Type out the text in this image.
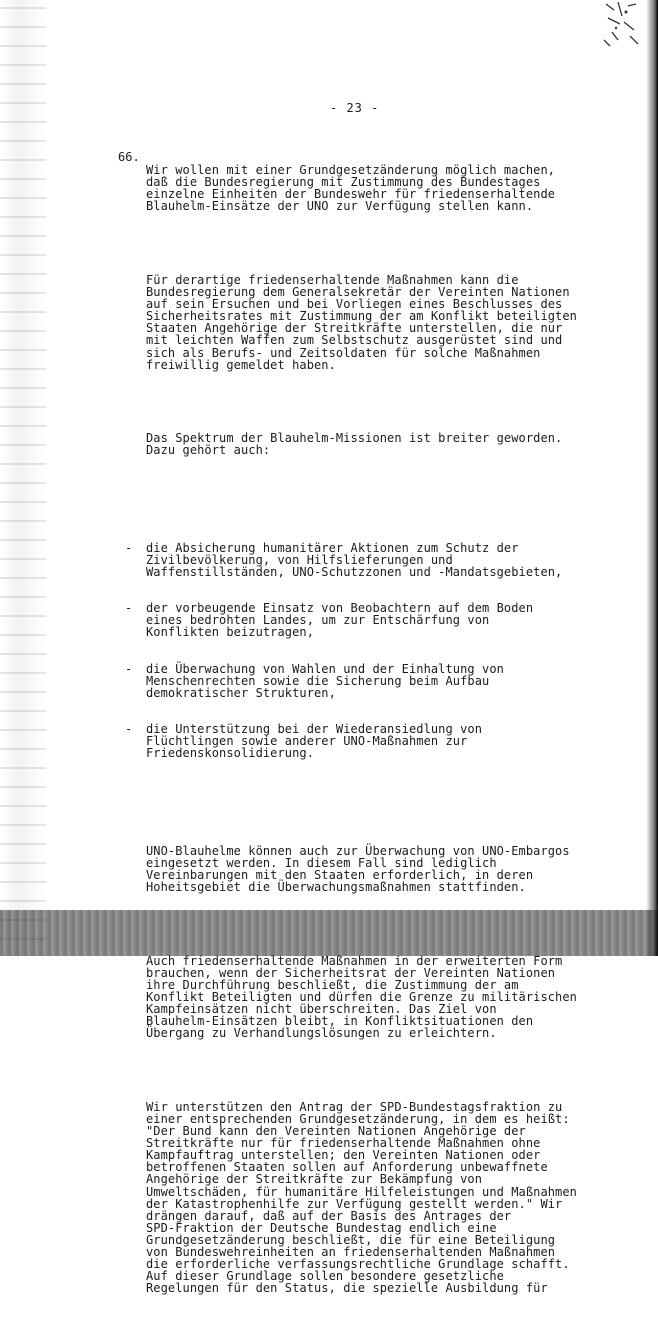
- 23 -
66.

Wir wollen mit einer Grundgesetzänderung möglich machen,
daß die Bundesregierung mit Zustimmung des Bundestages
einzelne Einheiten der Bundeswehr für friedenserhaltende
Blauhelm-Einsätze der UNO zur Verfügung stellen kann.

Für derartige friedenserhaltende Maßnahmen kann die
Bundesregierung dem Generalsekretär der Vereinten Nationen
auf sein Ersuchen und bei Vorliegen eines Beschlusses des
Sicherheitsrates mit Zustimmung der am Konflikt beteiligten
Staaten Angehörige der Streitkräfte unterstellen, die nur
mit leichten Waffen zum Selbstschutz ausgerüstet sind und
sich als Berufs- und Zeitsoldaten für solche Maßnahmen
freiwillig gemeldet haben.

Das Spektrum der Blauhelm-Missionen ist breiter geworden.
Dazu gehört auch:

- die Absicherung humanitärer Aktionen zum Schutz der
Zivilbevölkerung, von Hilfslieferungen und
Waffenstillständen, UNO-Schutzzonen und -Mandatsgebieten,

- der vorbeugende Einsatz von Beobachtern auf dem Boden
eines bedrohten Landes, um zur Entschärfung von
Konflikten beizutragen,

- die Überwachung von Wahlen und der Einhaltung von
Menschenrechten sowie die Sicherung beim Aufbau
demokratischer Strukturen,

- die Unterstützung bei der Wiederansiedlung von
Flüchtlingen sowie anderer UNO-Maßnahmen zur
Friedenskonsolidierung.

UNO-Blauhelme können auch zur Überwachung von UNO-Embargos
eingesetzt werden. In diesem Fall sind lediglich
Vereinbarungen mit den Staaten erforderlich, in deren
Hoheitsgebiet die Überwachungsmaßnahmen stattfinden.

Auch friedenserhaltende Maßnahmen in der erweiterten Form
brauchen, wenn der Sicherheitsrat der Vereinten Nationen
ihre Durchführung beschließt, die Zustimmung der am
Konflikt Beteiligten und dürfen die Grenze zu militärischen
Kampfeinsätzen nicht überschreiten. Das Ziel von
Blauhelm-Einsätzen bleibt, in Konfliktsituationen den
Übergang zu Verhandlungslösungen zu erleichtern.

Wir unterstützen den Antrag der SPD-Bundestagsfraktion zu
einer entsprechenden Grundgesetzänderung, in dem es heißt:
"Der Bund kann den Vereinten Nationen Angehörige der
Streitkräfte nur für friedenserhaltende Maßnahmen ohne
Kampfauftrag unterstellen; den Vereinten Nationen oder
betroffenen Staaten sollen auf Anforderung unbewaffnete
Angehörige der Streitkräfte zur Bekämpfung von
Umweltschäden, für humanitäre Hilfeleistungen und Maßnahmen
der Katastrophenhilfe zur Verfügung gestellt werden." Wir
drängen darauf, daß auf der Basis des Antrages der
SPD-Fraktion der Deutsche Bundestag endlich eine
Grundgesetzänderung beschließt, die für eine Beteiligung
von Bundeswehreinheiten an friedenserhaltenden Maßnahmen
die erforderliche verfassungsrechtliche Grundlage schafft.
Auf dieser Grundlage sollen besondere gesetzliche
Regelungen für den Status, die spezielle Ausbildung für
